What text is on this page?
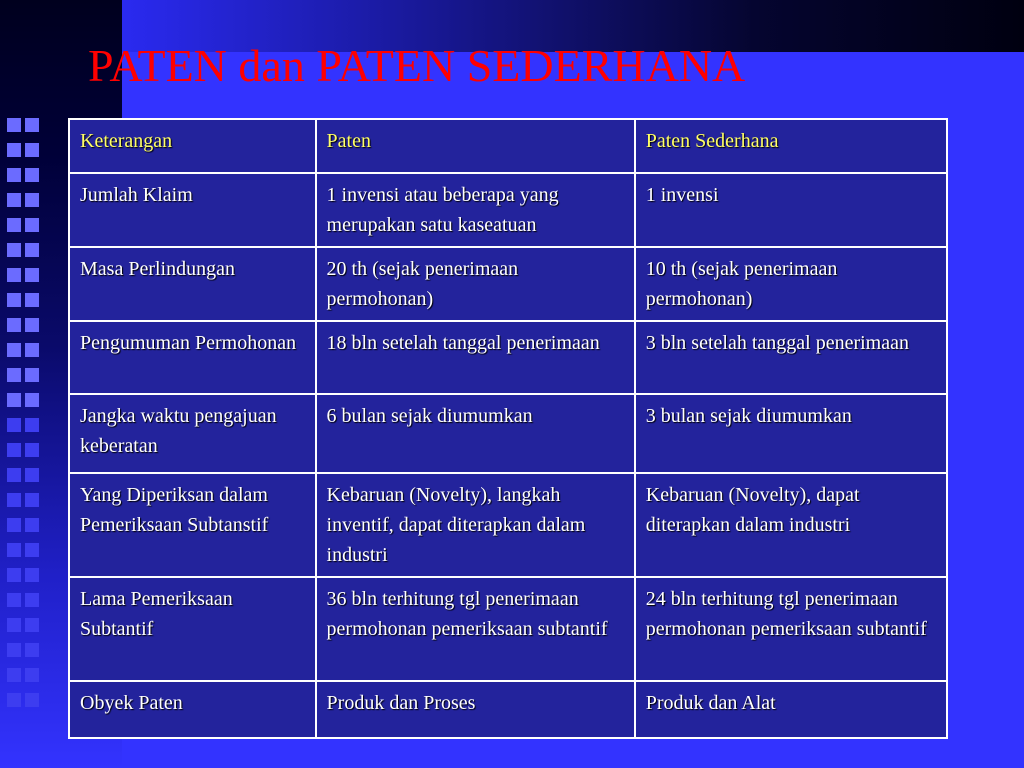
PATEN dan PATEN SEDERHANA
Keterangan	Paten	Paten Sederhana
Jumlah Klaim	1 invensi atau beberapa yang merupakan satu kaseatuan	1 invensi
Masa Perlindungan	20 th (sejak penerimaan permohonan)	10 th (sejak penerimaan permohonan)
Pengumuman Permohonan	18 bln setelah tanggal penerimaan	3 bln setelah tanggal penerimaan
Jangka waktu pengajuan keberatan	6 bulan sejak diumumkan	3 bulan sejak diumumkan
Yang Diperiksan dalam Pemeriksaan Subtanstif	Kebaruan (Novelty), langkah inventif, dapat diterapkan dalam industri	Kebaruan (Novelty), dapat diterapkan dalam industri
Lama Pemeriksaan Subtantif	36 bln terhitung tgl penerimaan permohonan pemeriksaan subtantif	24 bln terhitung tgl penerimaan permohonan pemeriksaan subtantif
Obyek Paten	Produk dan Proses	Produk dan Alat
